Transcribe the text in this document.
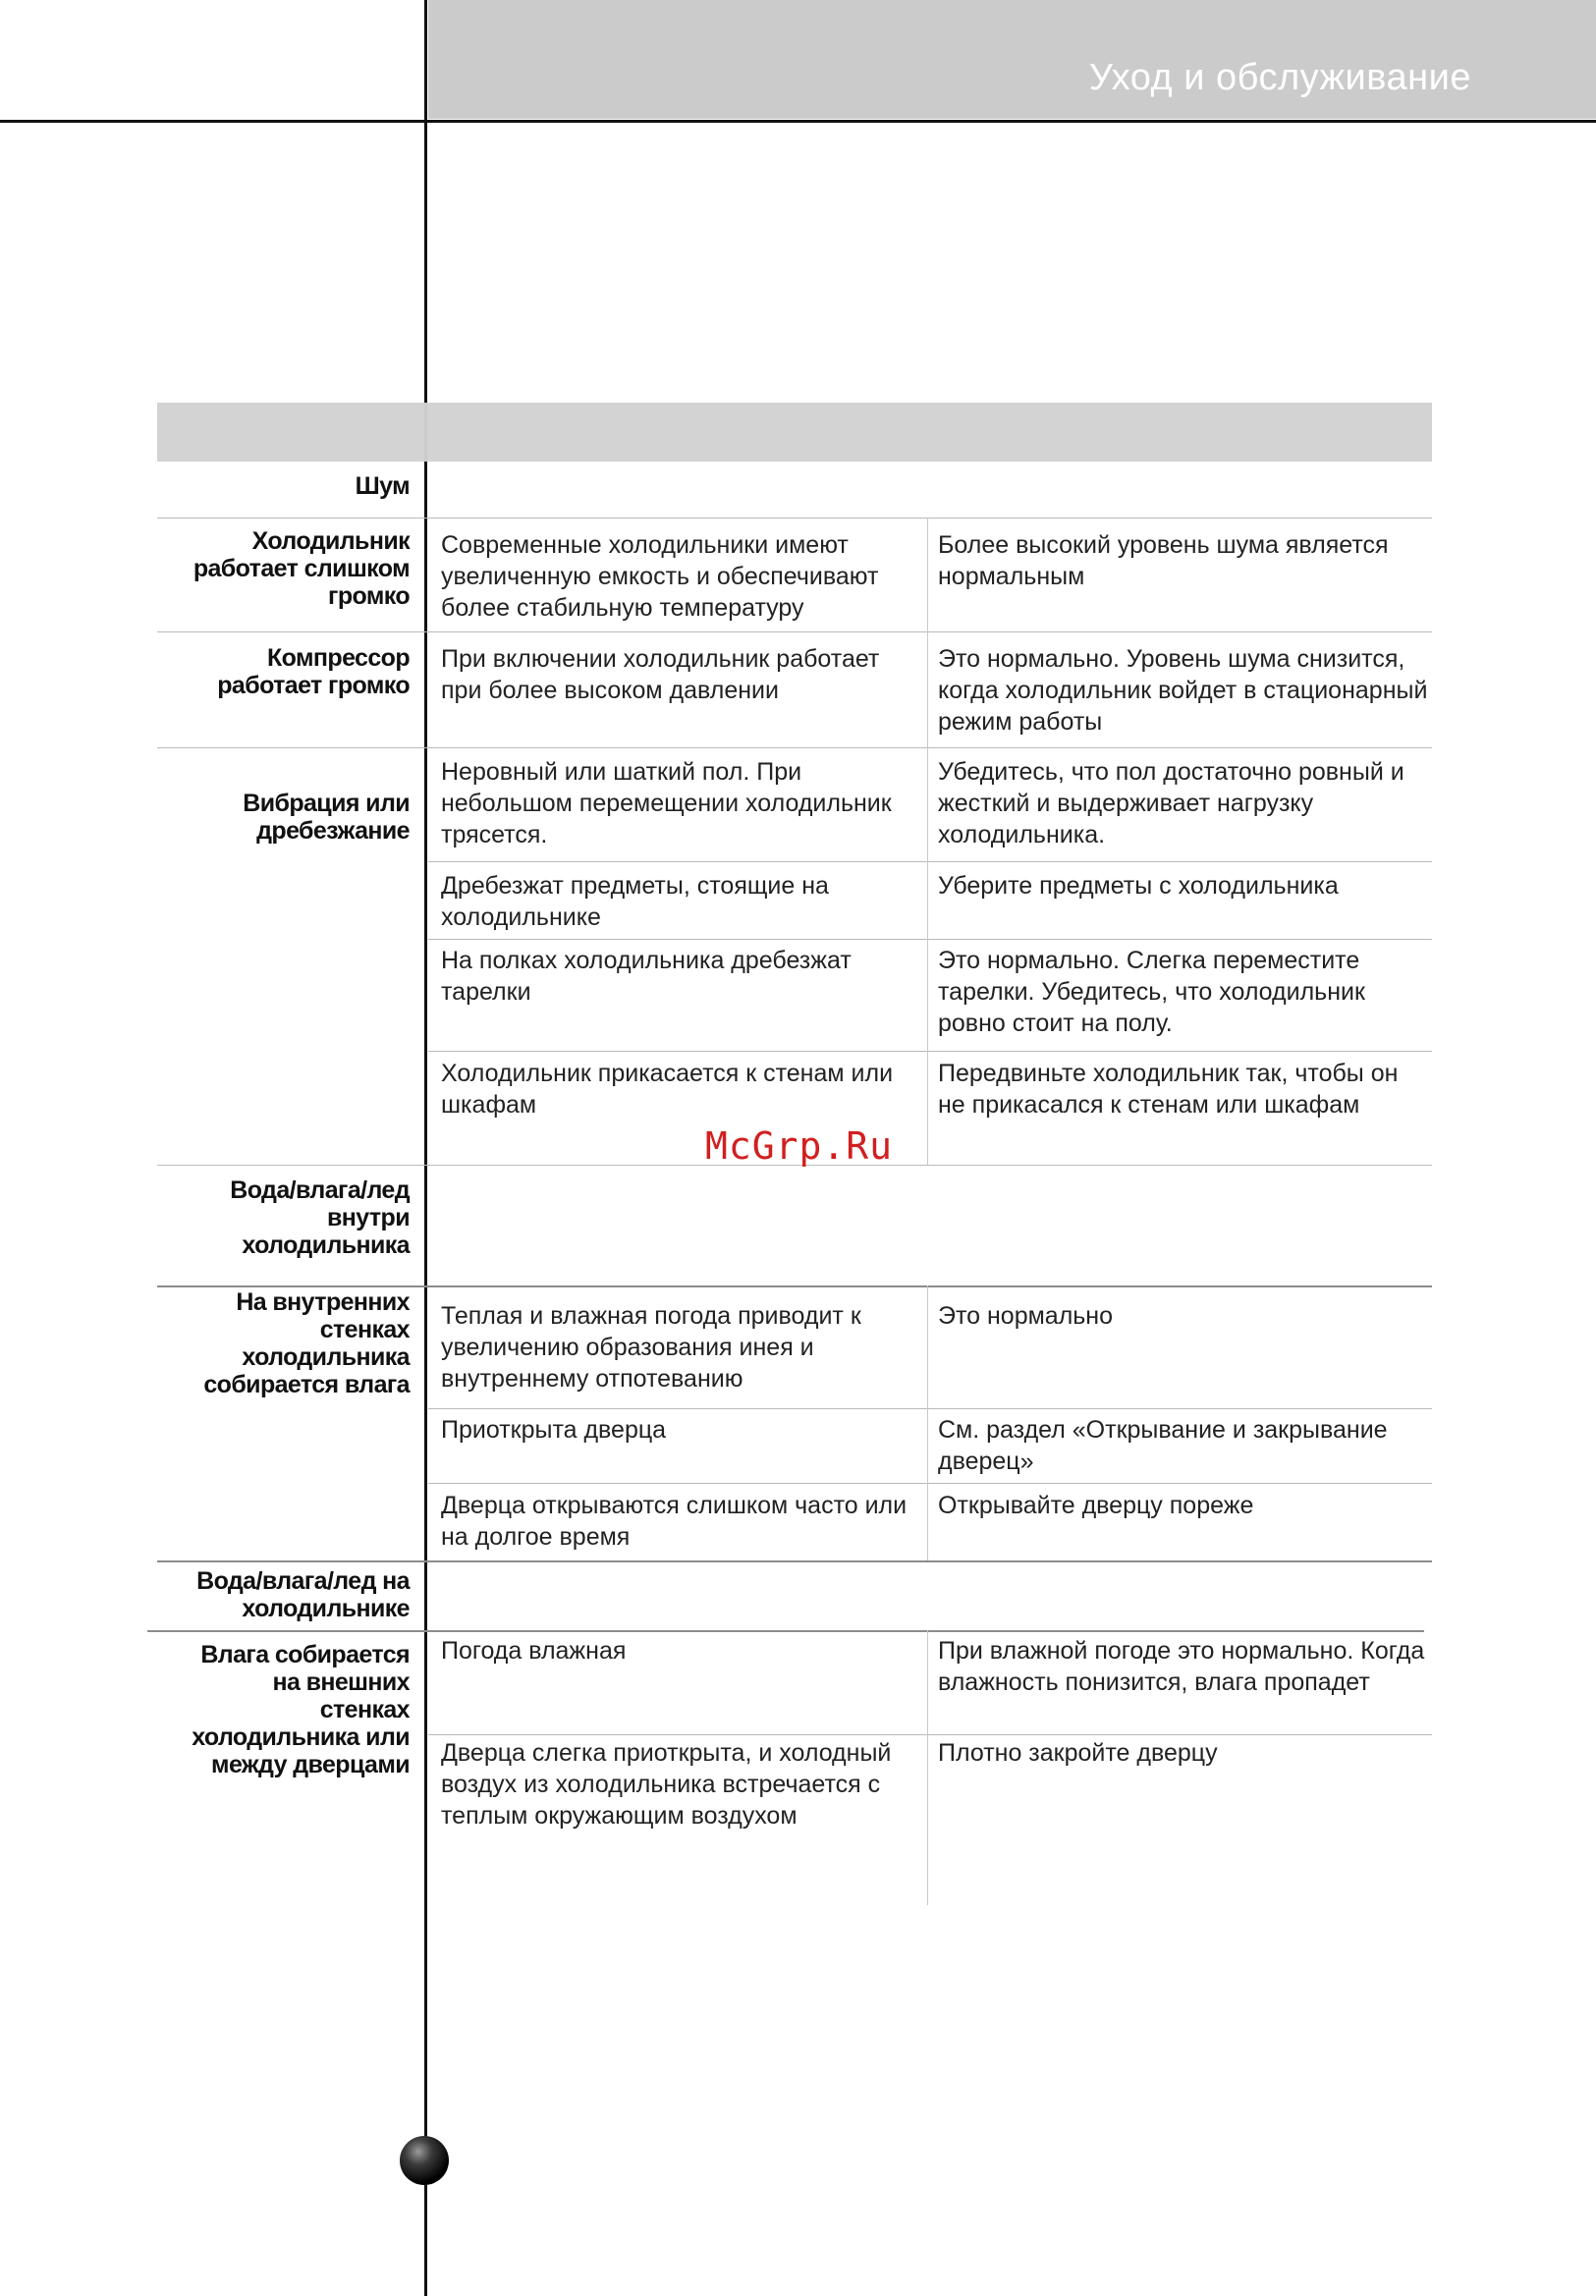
Уход и обслуживание
Шум
Холодильник работает слишком громко
Современные холодильники имеют увеличенную емкость и обеспечивают более стабильную температуру
Более высокий уровень шума является нормальным
Компрессор работает громко
При включении холодильник работает при более высоком давлении
Это нормально. Уровень шума снизится, когда холодильник войдет в стационарный режим работы
Вибрация или дребезжание
Неровный или шаткий пол. При небольшом перемещении холодильник трясется.
Убедитесь, что пол достаточно ровный и жесткий и выдерживает нагрузку холодильника.
Дребезжат предметы, стоящие на холодильнике
Уберите предметы с холодильника
На полках холодильника дребезжат тарелки
Это нормально. Слегка переместите тарелки. Убедитесь, что холодильник ровно стоит на полу.
Холодильник прикасается к стенам или шкафам
Передвиньте холодильник так, чтобы он не прикасался к стенам или шкафам
Вода/влага/лед внутри холодильника
На внутренних стенках холодильника собирается влага
Теплая и влажная погода приводит к увеличению образования инея и внутреннему отпотеванию
Это нормально
Приоткрыта дверца	См. раздел «Открывание и закрывание дверец»
Дверца открываются слишком часто или на долгое время
Открывайте дверцу пореже
Вода/влага/лед на холодильнике
Влага собирается на внешних стенках холодильника или между дверцами
Погода влажная	При влажной погоде это нормально. Когда влажность понизится, влага пропадет
Дверца слегка приоткрыта, и холодный воздух из холодильника встречается с теплым окружающим воздухом
Плотно закройте дверцу
McGrp.Ru
